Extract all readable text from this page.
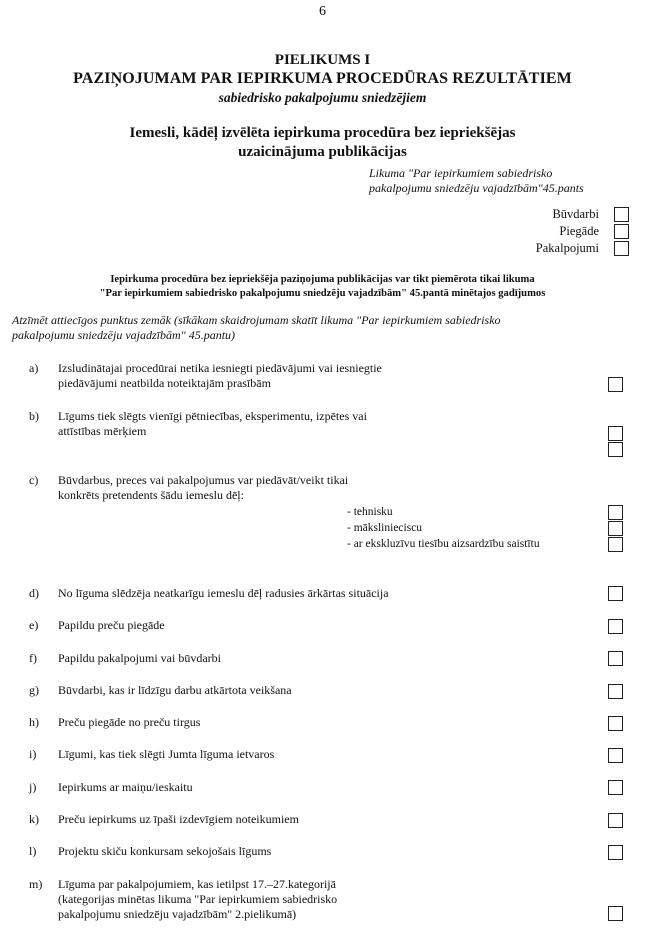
6
PIELIKUMS I
PAZIŅOJUMAM PAR IEPIRKUMA PROCEDŪRAS REZULTĀTIEM
sabiedrisko pakalpojumu sniedzējiem
Iemesli, kādēļ izvēlēta iepirkuma procedūra bez iepriekšējas
uzaicinājuma publikācijas
Likuma "Par iepirkumiem sabiedrisko
pakalpojumu sniedzēju vajadzībām"45.pants
Būvdarbi
Piegāde
Pakalpojumi
Iepirkuma procedūra bez iepriekšēja paziņojuma publikācijas var tikt piemērota tikai likuma
"Par iepirkumiem sabiedrisko pakalpojumu sniedzēju vajadzībām" 45.pantā minētajos gadījumos
Atzīmēt attiecīgos punktus zemāk (sīkākam skaidrojumam skatīt likuma "Par iepirkumiem sabiedrisko
pakalpojumu sniedzēju vajadzībām" 45.pantu)
a) Izsludinātajai procedūrai netika iesniegti piedāvājumi vai iesniegtie
piedāvājumi neatbilda noteiktajām prasībām
b) Līgums tiek slēgts vienīgi pētniecības, eksperimentu, izpētes vai
attīstības mērķiem
c) Būvdarbus, preces vai pakalpojumus var piedāvāt/veikt tikai
konkrēts pretendents šādu iemeslu dēļ:
- tehnisku
- mākslinieciscu
- ar ekskluzīvu tiesību aizsardzību saistītu
d) No līguma slēdzēja neatkarīgu iemeslu dēļ radusies ārkārtas situācija
e) Papildu preču piegāde
f) Papildu pakalpojumi vai būvdarbi
g) Būvdarbi, kas ir līdzīgu darbu atkārtota veikšana
h) Preču piegāde no preču tirgus
i) Līgumi, kas tiek slēgti Jumta līguma ietvaros
j) Iepirkums ar maiņu/ieskaitu
k) Preču iepirkums uz īpaši izdevīgiem noteikumiem
l) Projektu skiču konkursam sekojošais līgums
m) Līguma par pakalpojumiem, kas ietilpst 17.–27.kategorijā
(kategorijas minētas likuma "Par iepirkumiem sabiedrisko
pakalpojumu sniedzēju vajadzībām" 2.pielikumā)
